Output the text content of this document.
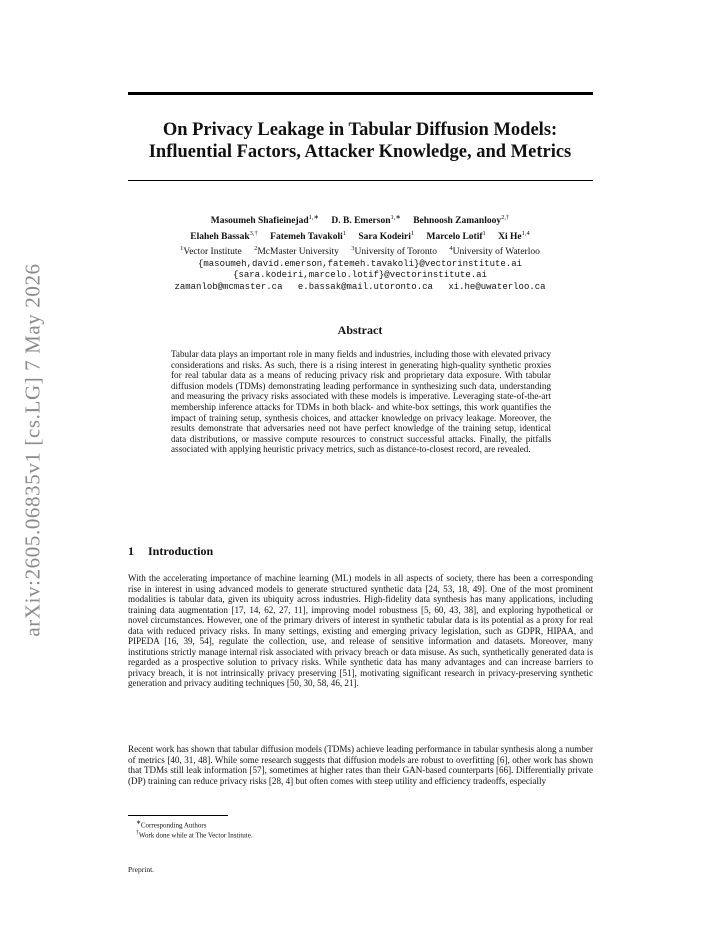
arXiv:2605.06835v1 [cs.LG] 7 May 2026
On Privacy Leakage in Tabular Diffusion Models:
Influential Factors, Attacker Knowledge, and Metrics
Masoumeh Shafieinejad$^{1,∗}$ D. B. Emerson$^{1,∗}$ Behnoosh Zamanlooy$^{2,\dagger}$
Elaheh Bassak$^{3,\dagger}$ Fatemeh Tavakoli$^1$ Sara Kodeiri$^1$ Marcelo Lotif$^1$ Xi He$^{1,4}$
$^1$Vector Institute $^2$McMaster University $^3$University of Toronto $^4$University of Waterloo
{masoumeh,david.emerson,fatemeh.tavakoli}@vectorinstitute.ai
{sara.kodeiri,marcelo.lotif}@vectorinstitute.ai
zamanlob@mcmaster.ca e.bassak@mail.utoronto.ca xi.he@uwaterloo.ca
Abstract
Tabular data plays an important role in many fields and industries, including those with elevated privacy considerations and risks. As such, there is a rising interest in generating high-quality synthetic proxies for real tabular data as a means of reducing privacy risk and proprietary data exposure. With tabular diffusion models (TDMs) demonstrating leading performance in synthesizing such data, understanding and measuring the privacy risks associated with these models is imperative. Leveraging state-of-the-art membership inference attacks for TDMs in both black- and white-box settings, this work quantifies the impact of training setup, synthesis choices, and attacker knowledge on privacy leakage. Moreover, the results demonstrate that adversaries need not have perfect knowledge of the training setup, identical data distributions, or massive compute resources to construct successful attacks. Finally, the pitfalls associated with applying heuristic privacy metrics, such as distance-to-closest record, are revealed.
1 Introduction
With the accelerating importance of machine learning (ML) models in all aspects of society, there has been a corresponding rise in interest in using advanced models to generate structured synthetic data [24, 53, 18, 49]. One of the most prominent modalities is tabular data, given its ubiquity across industries. High-fidelity data synthesis has many applications, including training data augmentation [17, 14, 62, 27, 11], improving model robustness [5, 60, 43, 38], and exploring hypothetical or novel circumstances. However, one of the primary drivers of interest in synthetic tabular data is its potential as a proxy for real data with reduced privacy risks. In many settings, existing and emerging privacy legislation, such as GDPR, HIPAA, and PIPEDA [16, 39, 54], regulate the collection, use, and release of sensitive information and datasets. Moreover, many institutions strictly manage internal risk associated with privacy breach or data misuse. As such, synthetically generated data is regarded as a prospective solution to privacy risks. While synthetic data has many advantages and can increase barriers to privacy breach, it is not intrinsically privacy preserving [51], motivating significant research in privacy-preserving synthetic generation and privacy auditing techniques [50, 30, 58, 46, 21].
Recent work has shown that tabular diffusion models (TDMs) achieve leading performance in tabular synthesis along a number of metrics [40, 31, 48]. While some research suggests that diffusion models are robust to overfitting [6], other work has shown that TDMs still leak information [57], sometimes at higher rates than their GAN-based counterparts [66]. Differentially private (DP) training can reduce privacy risks [28, 4] but often comes with steep utility and efficiency tradeoffs, especially
∗Corresponding Authors
†Work done while at The Vector Institute.
Preprint.
